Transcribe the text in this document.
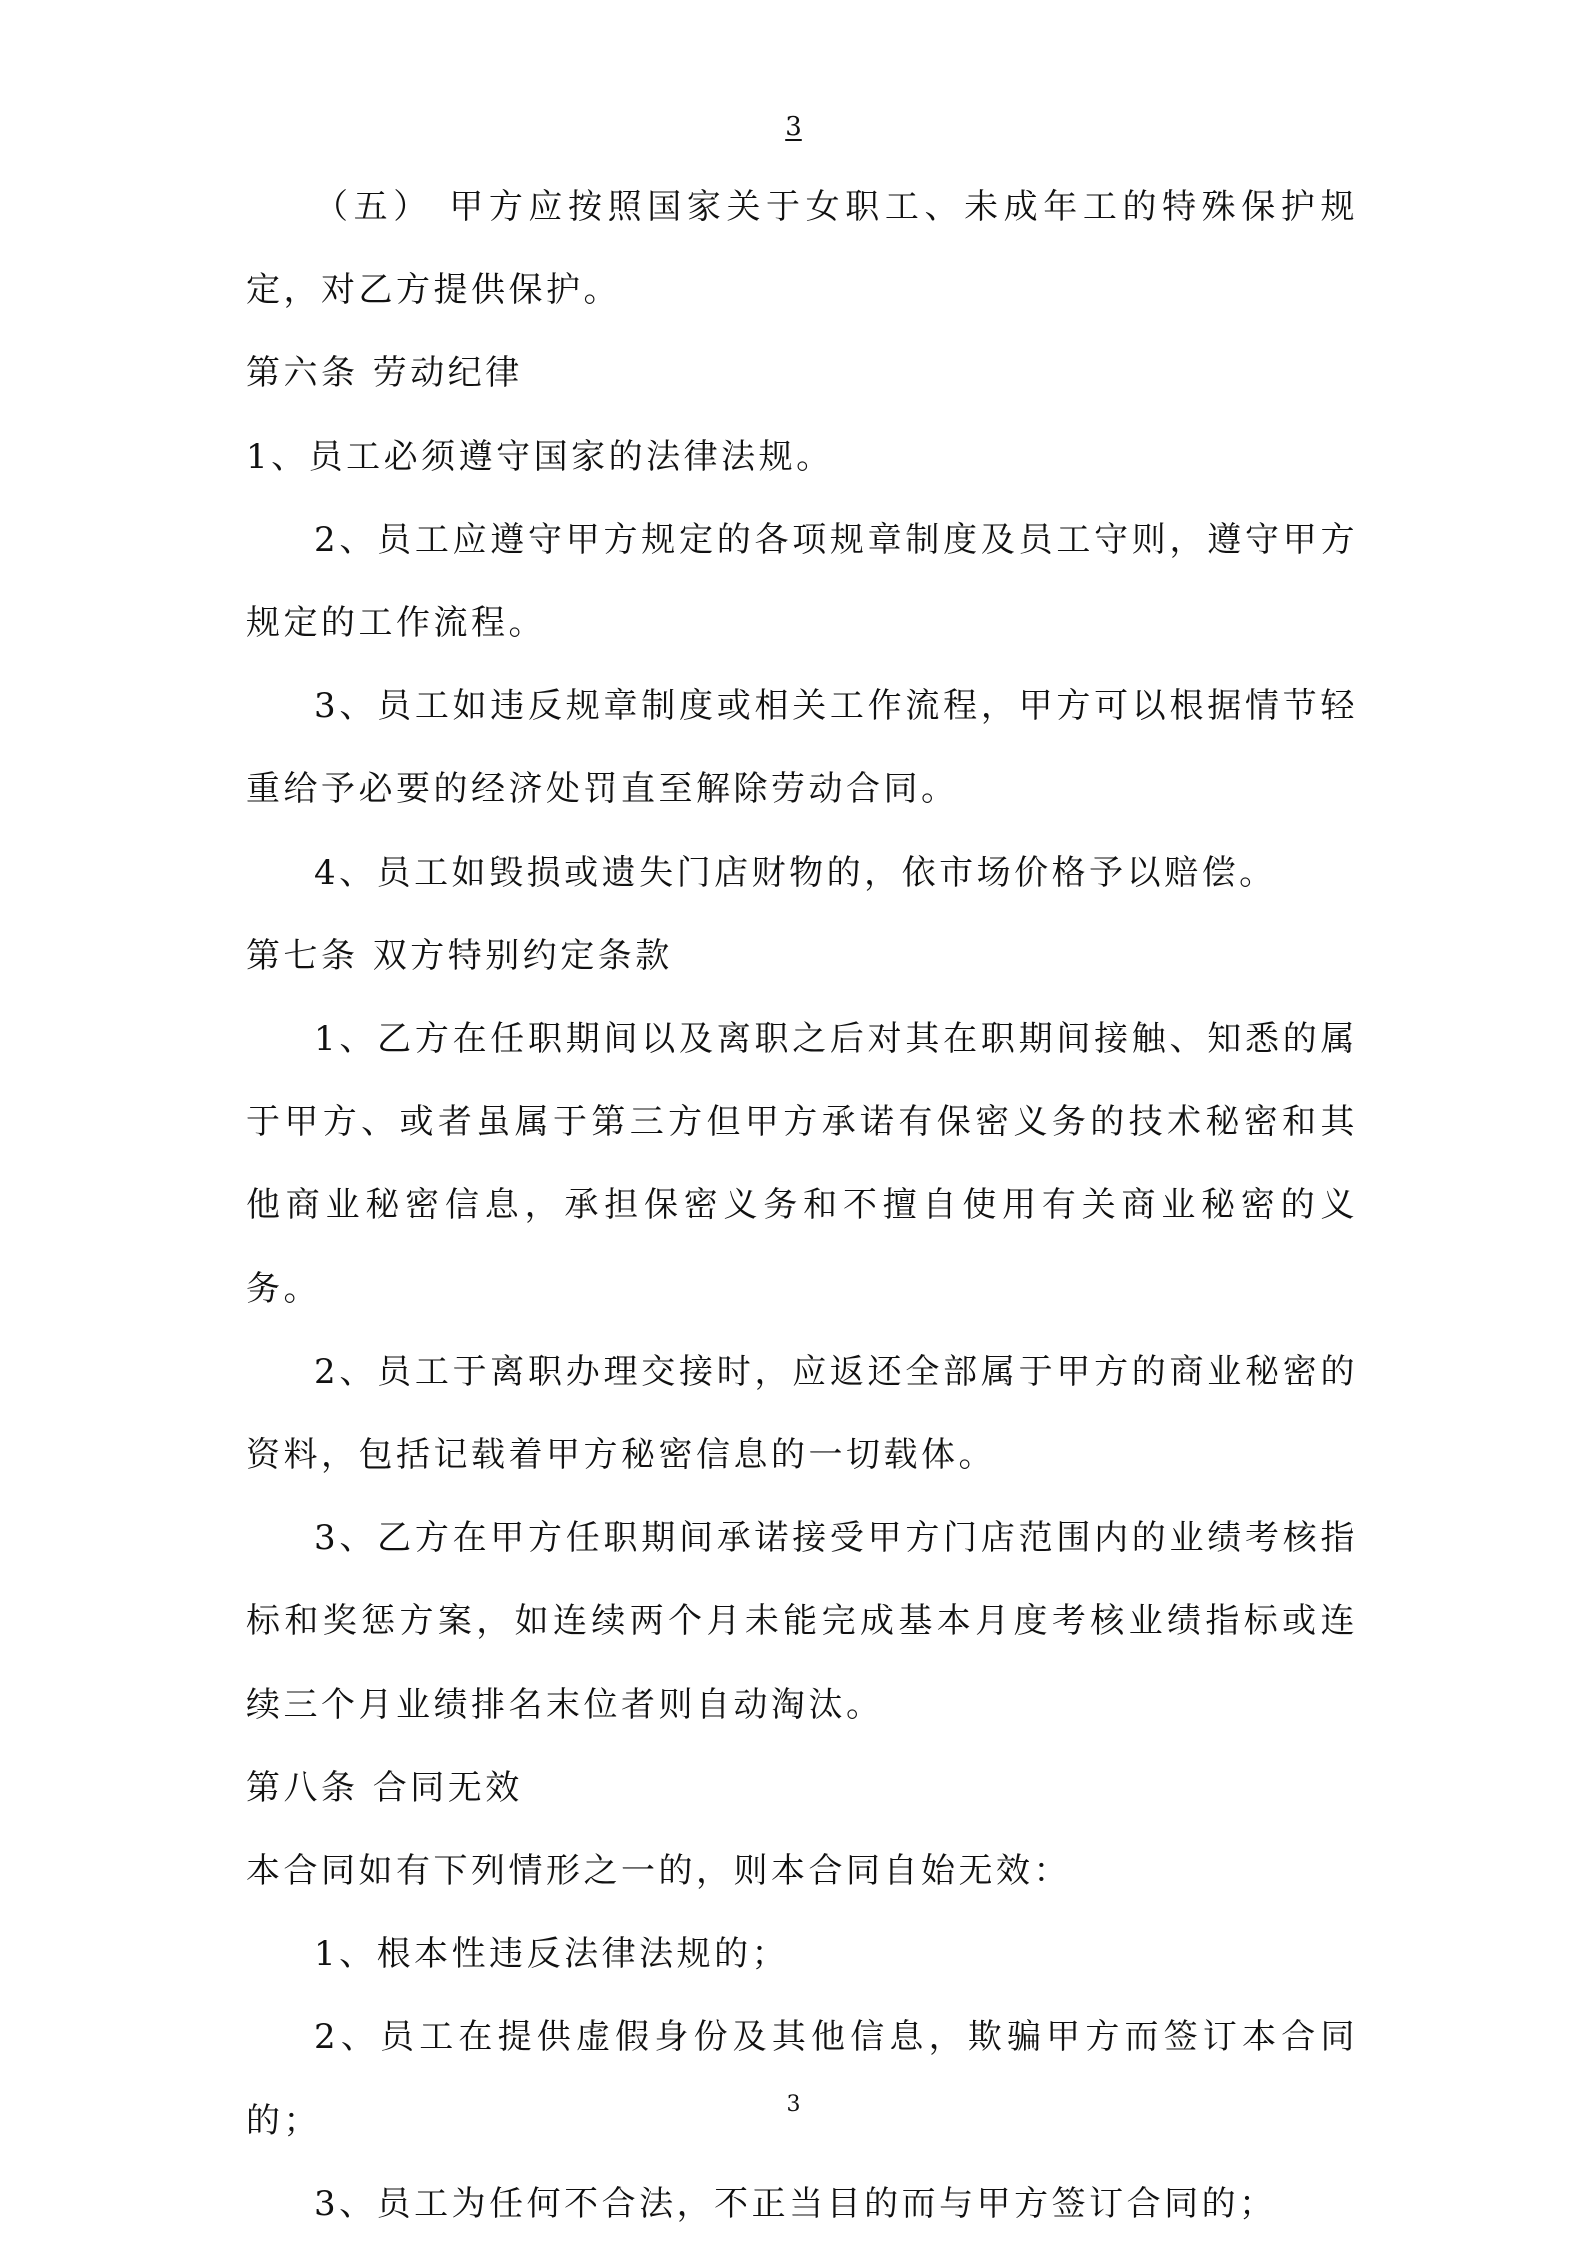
3

（五） 甲方应按照国家关于女职工、未成年工的特殊保护规定，对乙方提供保护。

第六条 劳动纪律

1、员工必须遵守国家的法律法规。

2、员工应遵守甲方规定的各项规章制度及员工守则，遵守甲方规定的工作流程。

3、员工如违反规章制度或相关工作流程，甲方可以根据情节轻重给予必要的经济处罚直至解除劳动合同。

4、员工如毁损或遗失门店财物的，依市场价格予以赔偿。

第七条 双方特别约定条款

1、乙方在任职期间以及离职之后对其在职期间接触、知悉的属于甲方、或者虽属于第三方但甲方承诺有保密义务的技术秘密和其他商业秘密信息，承担保密义务和不擅自使用有关商业秘密的义务。

2、员工于离职办理交接时，应返还全部属于甲方的商业秘密的资料，包括记载着甲方秘密信息的一切载体。

3、乙方在甲方任职期间承诺接受甲方门店范围内的业绩考核指标和奖惩方案，如连续两个月未能完成基本月度考核业绩指标或连续三个月业绩排名末位者则自动淘汰。

第八条 合同无效

本合同如有下列情形之一的，则本合同自始无效：

1、根本性违反法律法规的；

2、员工在提供虚假身份及其他信息，欺骗甲方而签订本合同的；

3、员工为任何不合法，不正当目的而与甲方签订合同的；

3
